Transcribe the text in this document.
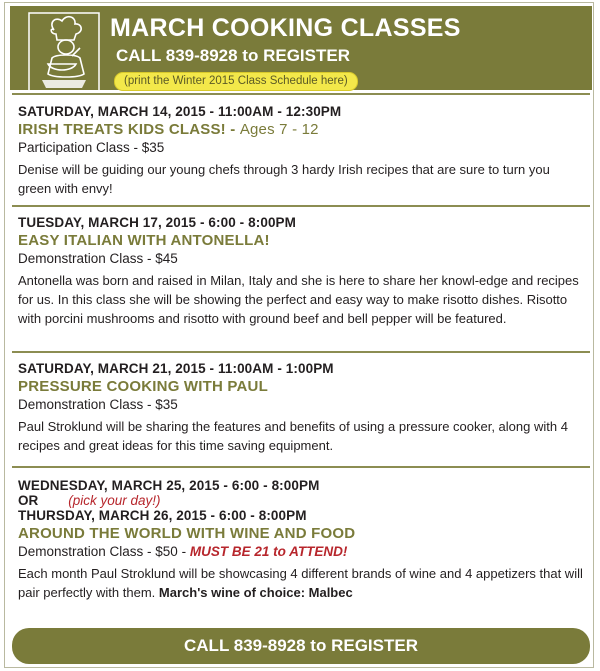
MARCH COOKING CLASSES
CALL 839-8928 to REGISTER
(print the Winter 2015 Class Schedule here)
SATURDAY, MARCH 14, 2015 - 11:00AM - 12:30PM
IRISH TREATS KIDS CLASS! - Ages 7 - 12
Participation Class - $35
Denise will be guiding our young chefs through 3 hardy Irish recipes that are sure to turn you green with envy!
TUESDAY, MARCH 17, 2015 - 6:00 - 8:00PM
EASY ITALIAN WITH ANTONELLA!
Demonstration Class - $45
Antonella was born and raised in Milan, Italy and she is here to share her knowl-edge and recipes for us. In this class she will be showing the perfect and easy way to make risotto dishes. Risotto with porcini mushrooms and risotto with ground beef and bell pepper will be featured.
SATURDAY, MARCH 21, 2015 - 11:00AM - 1:00PM
PRESSURE COOKING WITH PAUL
Demonstration Class - $35
Paul Stroklund will be sharing the features and benefits of using a pressure cooker, along with 4 recipes and great ideas for this time saving equipment.
WEDNESDAY, MARCH 25, 2015 - 6:00 - 8:00PM
OR (pick your day!)
THURSDAY, MARCH 26, 2015 - 6:00 - 8:00PM
AROUND THE WORLD WITH WINE AND FOOD
Demonstration Class - $50 - MUST BE 21 to ATTEND!
Each month Paul Stroklund will be showcasing 4 different brands of wine and 4 appetizers that will pair perfectly with them. March's wine of choice: Malbec
CALL 839-8928 to REGISTER
